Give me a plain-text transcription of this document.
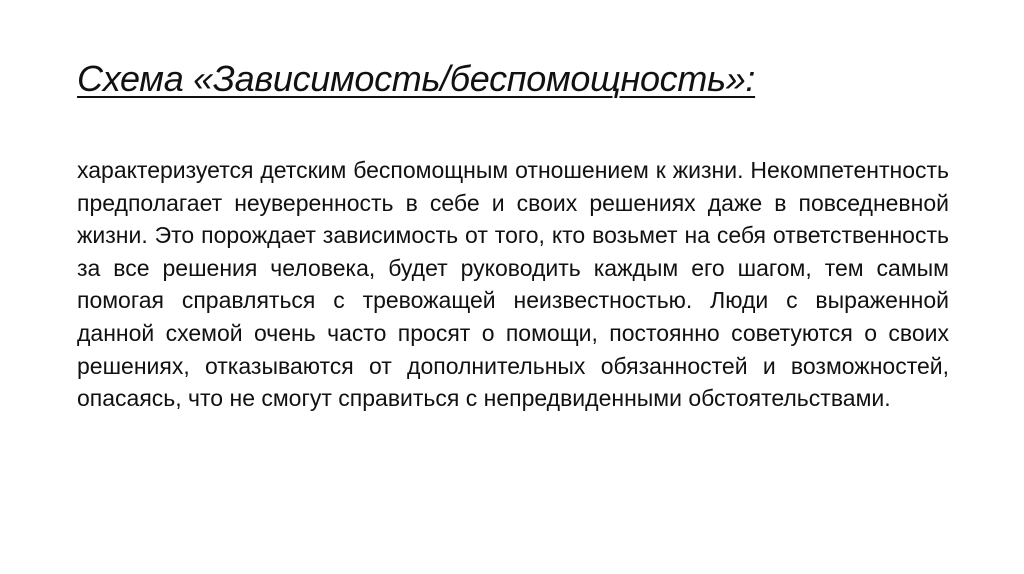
Схема «Зависимость/беспомощность»:

характеризуется детским беспомощным отношением к жизни. Некомпетентность предполагает неуверенность в себе и своих решениях даже в повседневной жизни. Это порождает зависимость от того, кто возьмет на себя ответственность за все решения человека, будет руководить каждым его шагом, тем самым помогая справляться с тревожащей неизвестностью. Люди с выраженной данной схемой очень часто просят о помощи, постоянно советуются о своих решениях, отказываются от дополнительных обязанностей и возможностей, опасаясь, что не смогут справиться с непредвиденными обстоятельствами.
